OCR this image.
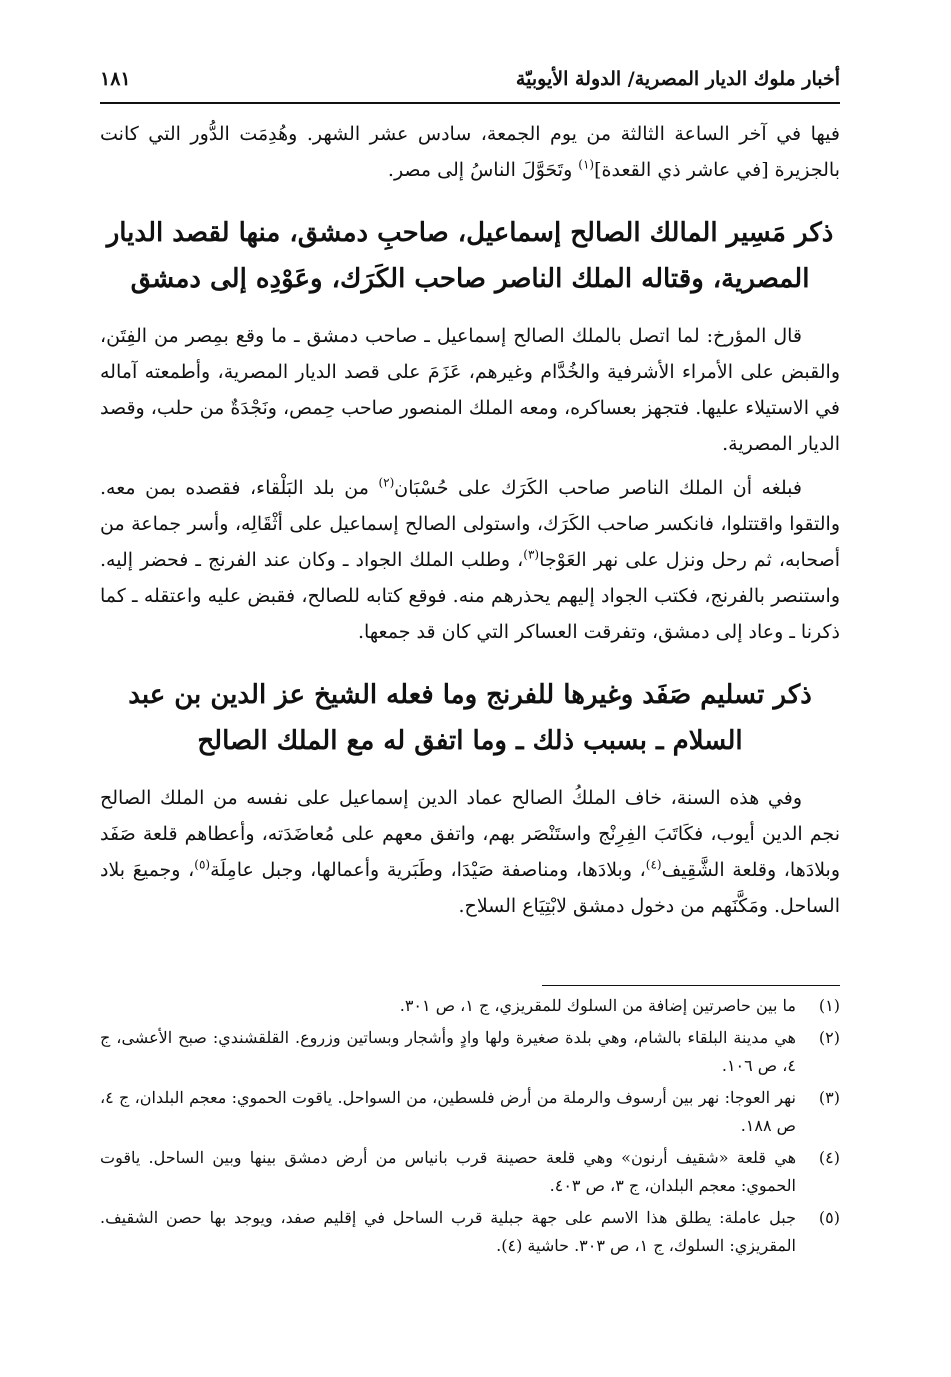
أخبار ملوك الديار المصرية/ الدولة الأيوبيّة
١٨١

فيها في آخر الساعة الثالثة من يوم الجمعة، سادس عشر الشهر. وهُدِمَت الدُّور التي كانت بالجزيرة [في عاشر ذي القعدة]$^{(١)}$ وتَحَوَّلَ الناسُ إلى مصر.

ذكر مَسِير المالك الصالح إسماعيل، صاحبِ دمشق، منها لقصد الديار المصرية، وقتاله الملك الناصر صاحب الكَرَك، وعَوْدِه إلى دمشق

قال المؤرخ: لما اتصل بالملك الصالح إسماعيل ـ صاحب دمشق ـ ما وقع بمِصر من الفِتَن، والقبض على الأمراء الأشرفية والخُدَّام وغيرهم، عَزَمَ على قصد الديار المصرية، وأطمعته آماله في الاستيلاء عليها. فتجهز بعساكره، ومعه الملك المنصور صاحب حِمص، ونَجْدَةٌ من حلب، وقصد الديار المصرية.

فبلغه أن الملك الناصر صاحب الكَرَك على حُسْبَان$^{(٢)}$ من بلد البَلْقاء، فقصده بمن معه. والتقوا واقتتلوا، فانكسر صاحب الكَرَك، واستولى الصالح إسماعيل على أثْقَالِه، وأسر جماعة من أصحابه، ثم رحل ونزل على نهر العَوْجا$^{(٣)}$، وطلب الملك الجواد ـ وكان عند الفرنج ـ فحضر إليه. واستنصر بالفرنج، فكتب الجواد إليهم يحذرهم منه. فوقع كتابه للصالح، فقبض عليه واعتقله ـ كما ذكرنا ـ وعاد إلى دمشق، وتفرقت العساكر التي كان قد جمعها.

ذكر تسليم صَفَد وغيرها للفرنج وما فعله الشيخ عز الدين بن عبد السلام ـ بسبب ذلك ـ وما اتفق له مع الملك الصالح

وفي هذه السنة، خاف الملكُ الصالح عماد الدين إسماعيل على نفسه من الملك الصالح نجم الدين أيوب، فكَاتَبَ الفِرِنْج واستَنْصَر بهم، واتفق معهم على مُعاضَدَته، وأعطاهم قلعة صَفَد وبلادَها، وقلعة الشَّقِيف$^{(٤)}$، وبلادَها، ومناصفة صَيْدَا، وطَبَرية وأعمالها، وجبل عامِلَة$^{(٥)}$، وجميعَ بلاد الساحل. ومَكَّنَهم من دخول دمشق لابْتِيَاع السلاح.

(١)
ما بين حاصرتين إضافة من السلوك للمقريزي، ج ١، ص ٣٠١.

(٢)
هي مدينة البلقاء بالشام، وهي بلدة صغيرة ولها وادٍ وأشجار وبساتين وزروع. القلقشندي: صبح الأعشى، ج ٤، ص ١٠٦.

(٣)
نهر العوجا: نهر بين أرسوف والرملة من أرض فلسطين، من السواحل. ياقوت الحموي: معجم البلدان، ج ٤، ص ١٨٨.

(٤)
هي قلعة «شقيف أرنون» وهي قلعة حصينة قرب بانياس من أرض دمشق بينها وبين الساحل. ياقوت الحموي: معجم البلدان، ج ٣، ص ٤٠٣.

(٥)
جبل عاملة: يطلق هذا الاسم على جهة جبلية قرب الساحل في إقليم صفد، ويوجد بها حصن الشقيف. المقريزي: السلوك، ج ١، ص ٣٠٣. حاشية (٤).
